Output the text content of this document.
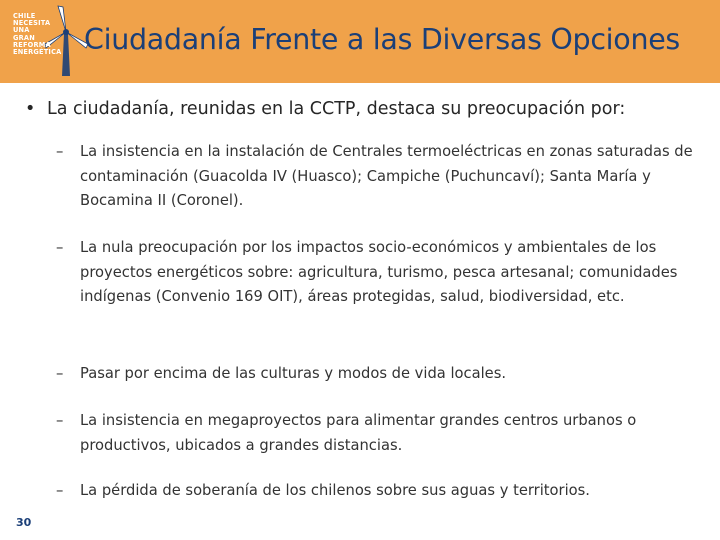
CHILE
NECESITA
UNA
GRAN
REFORMA
ENERGÉTICA Ciudadanía Frente a las Diversas Opciones
• La ciudadanía, reunidas en la CCTP, destaca su preocupación por:
– La insistencia en la instalación de Centrales termoeléctricas en zonas saturadas de contaminación (Guacolda IV (Huasco); Campiche (Puchuncaví); Santa María y Bocamina II (Coronel).
– La nula preocupación por los impactos socio-económicos y ambientales de los proyectos energéticos sobre: agricultura, turismo, pesca artesanal; comunidades indígenas (Convenio 169 OIT), áreas protegidas, salud, biodiversidad, etc.
– Pasar por encima de las culturas y modos de vida locales.
– La insistencia en megaproyectos para alimentar grandes centros urbanos o productivos, ubicados a grandes distancias.
– La pérdida de soberanía de los chilenos sobre sus aguas y territorios.
30
